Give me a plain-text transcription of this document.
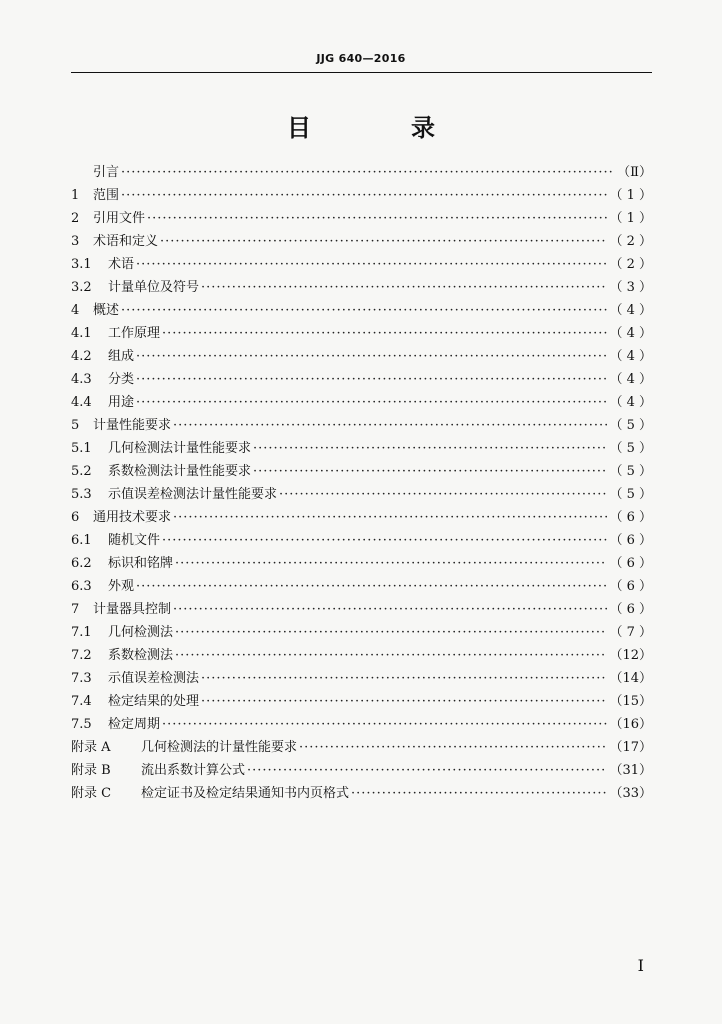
JJG 640—2016
目　录
引言 ·····	（Ⅱ）
1	范围 ·····	（ 1 ）
2	引用文件 ·····	（ 1 ）
3	术语和定义 ·····	（ 2 ）
3.1	术语 ·····	（ 2 ）
3.2	计量单位及符号 ·····	（ 3 ）
4	概述 ·····	（ 4 ）
4.1	工作原理 ·····	（ 4 ）
4.2	组成 ·····	（ 4 ）
4.3	分类 ·····	（ 4 ）
4.4	用途 ·····	（ 4 ）
5	计量性能要求 ·····	（ 5 ）
5.1	几何检测法计量性能要求 ·····	（ 5 ）
5.2	系数检测法计量性能要求 ·····	（ 5 ）
5.3	示值误差检测法计量性能要求 ·····	（ 5 ）
6	通用技术要求 ·····	（ 6 ）
6.1	随机文件 ·····	（ 6 ）
6.2	标识和铭牌 ·····	（ 6 ）
6.3	外观 ·····	（ 6 ）
7	计量器具控制 ·····	（ 6 ）
7.1	几何检测法 ·····	（ 7 ）
7.2	系数检测法 ·····	（12）
7.3	示值误差检测法 ·····	（14）
7.4	检定结果的处理 ·····	（15）
7.5	检定周期 ·····	（16）
附录 A	几何检测法的计量性能要求 ·····	（17）
附录 B	流出系数计算公式 ·····	（31）
附录 C	检定证书及检定结果通知书内页格式 ·····	（33）
I
